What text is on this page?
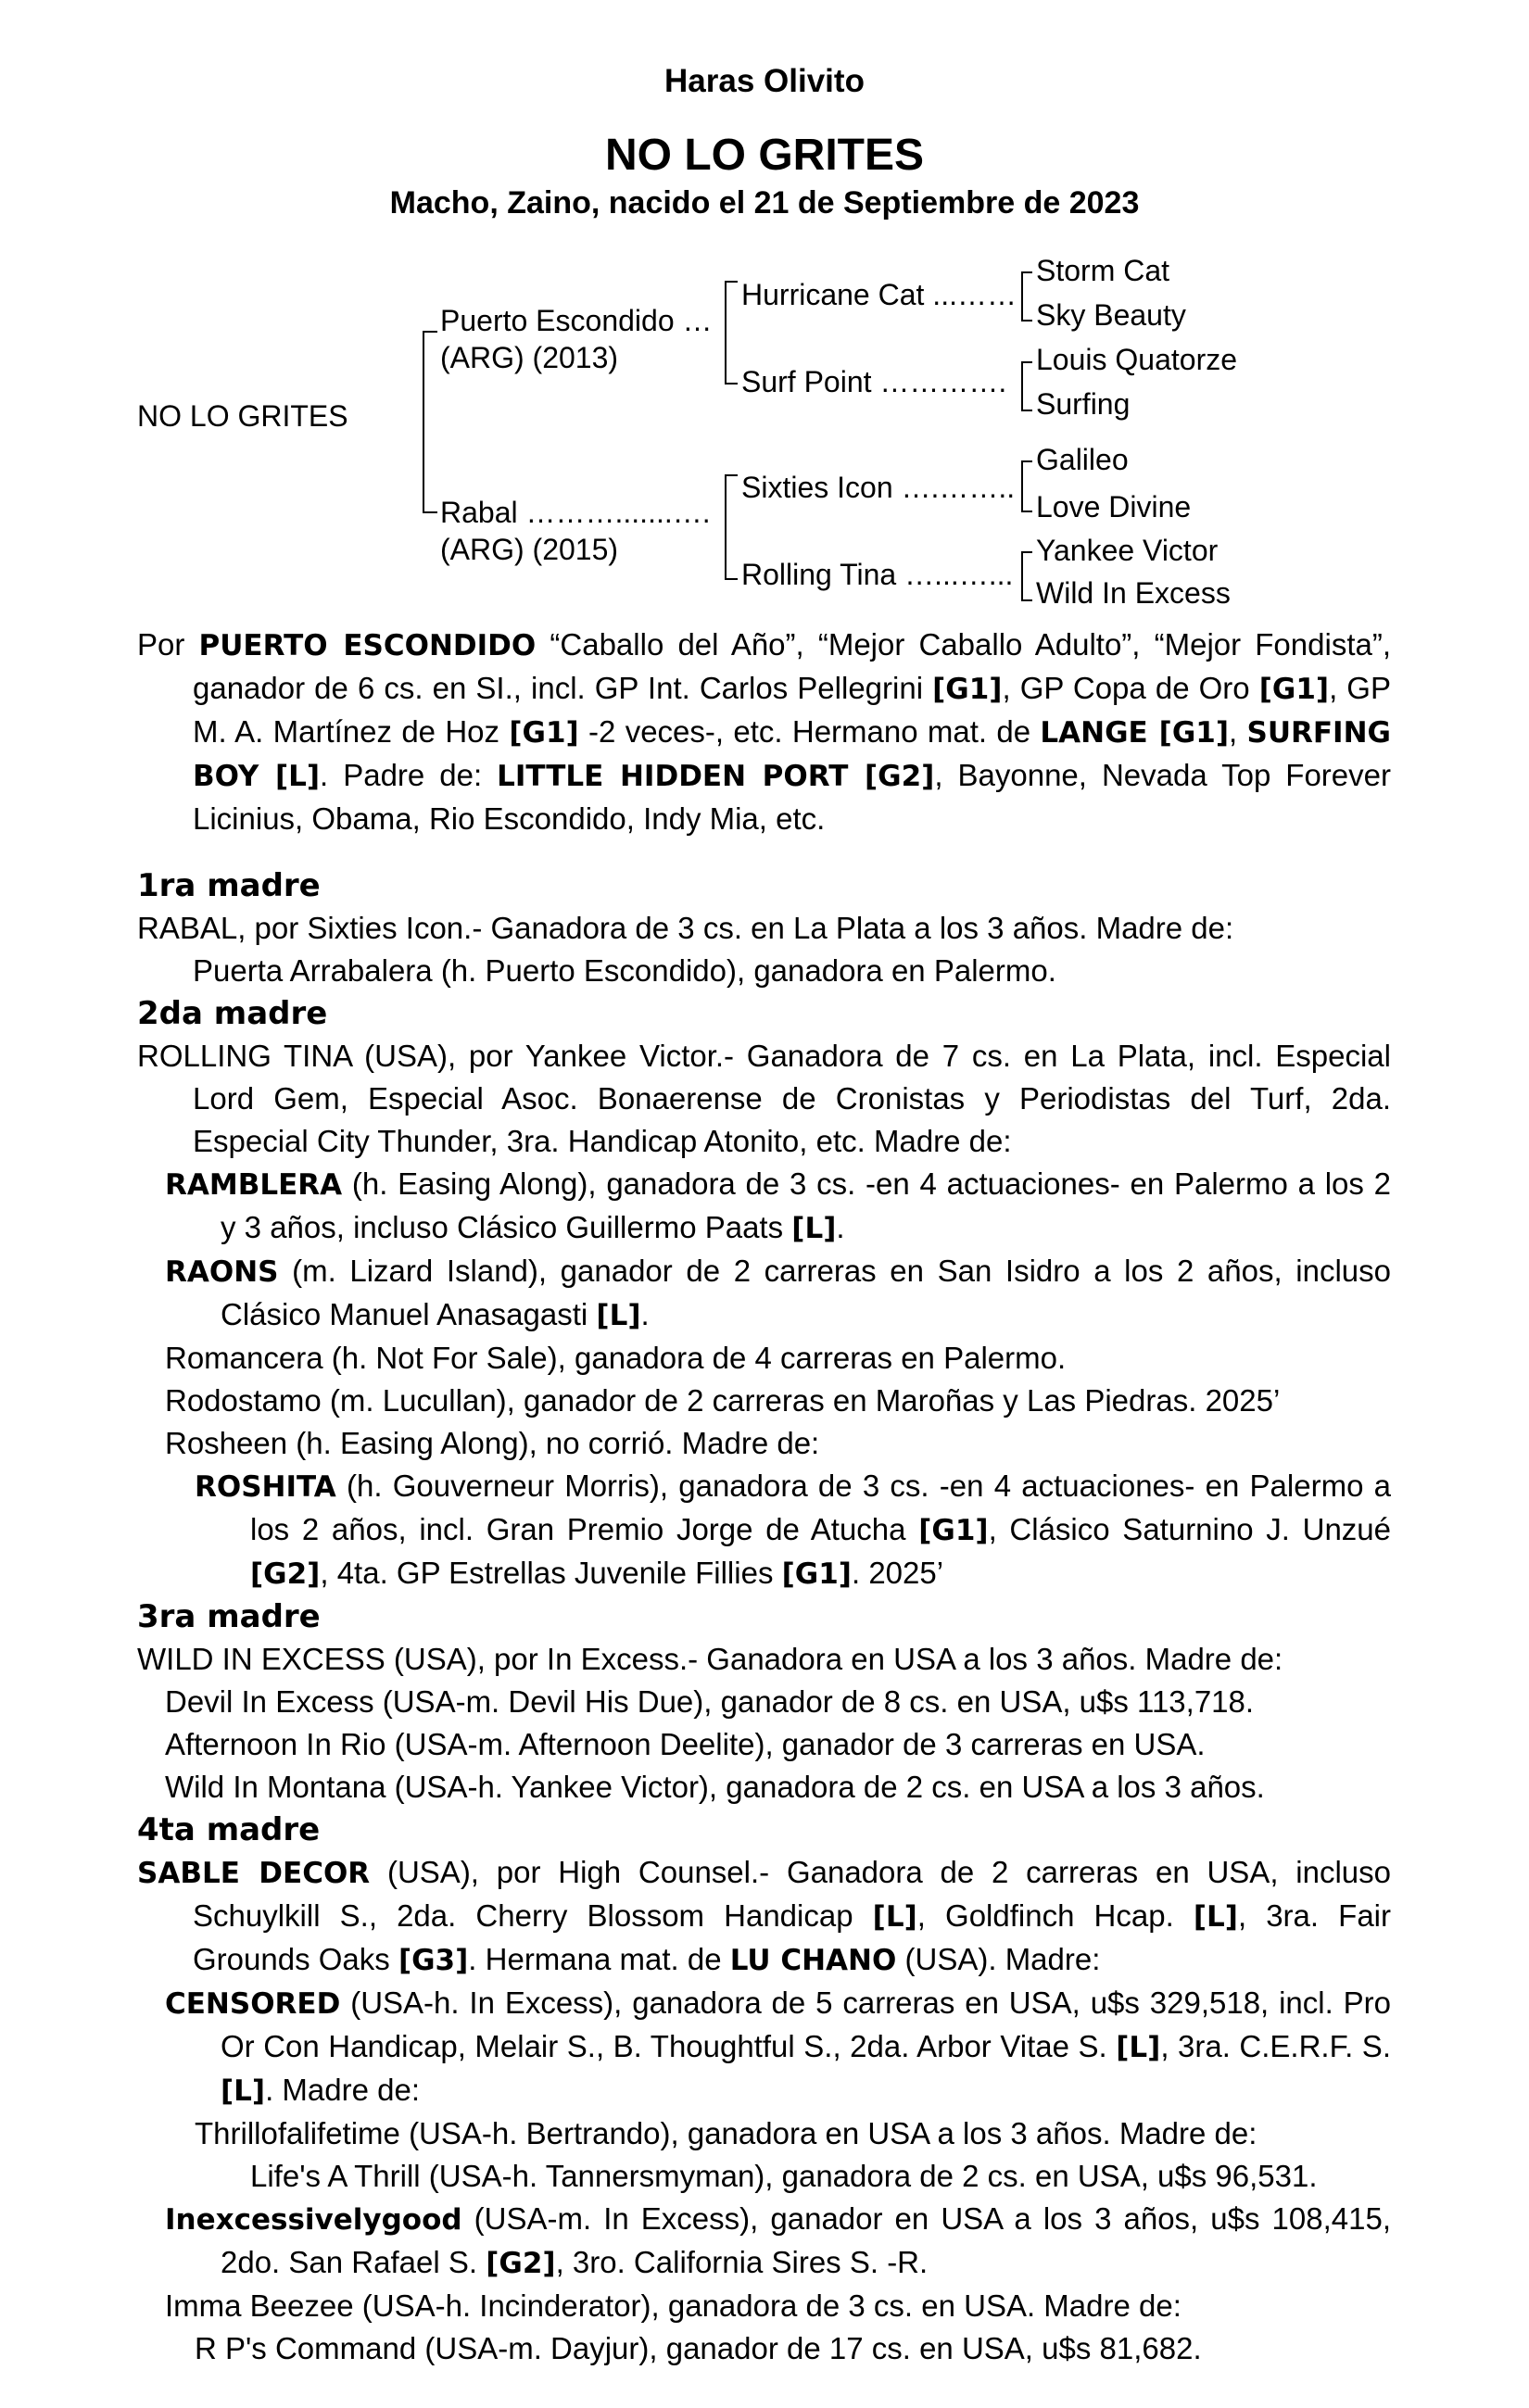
Haras Olivito
NO LO GRITES
Macho, Zaino, nacido el 21 de Septiembre de 2023
NO LO GRITES
Puerto Escondido …
(ARG) (2013)
Rabal ……….......….
(ARG) (2015)
Hurricane Cat ...……
Surf Point ………….
Sixties Icon ….……..
Rolling Tina …...…...
Storm Cat
Sky Beauty
Louis Quatorze
Surfing
Galileo
Love Divine
Yankee Victor
Wild In Excess
Por PUERTO ESCONDIDO “Caballo del Año”, “Mejor Caballo Adulto”, “Mejor Fondista”, ganador de 6 cs. en SI., incl. GP Int. Carlos Pellegrini [G1], GP Copa de Oro [G1], GP M. A. Martínez de Hoz [G1] -2 veces-, etc. Hermano mat. de LANGE [G1], SURFING BOY [L]. Padre de: LITTLE HIDDEN PORT [G2], Bayonne, Nevada Top Forever Licinius, Obama, Rio Escondido, Indy Mia, etc.
1ra madre
RABAL, por Sixties Icon.- Ganadora de 3 cs. en La Plata a los 3 años. Madre de:
Puerta Arrabalera (h. Puerto Escondido), ganadora en Palermo.
2da madre
ROLLING TINA (USA), por Yankee Victor.- Ganadora de 7 cs. en La Plata, incl. Especial Lord Gem, Especial Asoc. Bonaerense de Cronistas y Periodistas del Turf, 2da. Especial City Thunder, 3ra. Handicap Atonito, etc. Madre de:
RAMBLERA (h. Easing Along), ganadora de 3 cs. -en 4 actuaciones- en Palermo a los 2 y 3 años, incluso Clásico Guillermo Paats [L].
RAONS (m. Lizard Island), ganador de 2 carreras en San Isidro a los 2 años, incluso Clásico Manuel Anasagasti [L].
Romancera (h. Not For Sale), ganadora de 4 carreras en Palermo.
Rodostamo (m. Lucullan), ganador de 2 carreras en Maroñas y Las Piedras. 2025’
Rosheen (h. Easing Along), no corrió. Madre de:
ROSHITA (h. Gouverneur Morris), ganadora de 3 cs. -en 4 actuaciones- en Palermo a los 2 años, incl. Gran Premio Jorge de Atucha [G1], Clásico Saturnino J. Unzué [G2], 4ta. GP Estrellas Juvenile Fillies [G1]. 2025’
3ra madre
WILD IN EXCESS (USA), por In Excess.- Ganadora en USA a los 3 años. Madre de:
Devil In Excess (USA-m. Devil His Due), ganador de 8 cs. en USA, u$s 113,718.
Afternoon In Rio (USA-m. Afternoon Deelite), ganador de 3 carreras en USA.
Wild In Montana (USA-h. Yankee Victor), ganadora de 2 cs. en USA a los 3 años.
4ta madre
SABLE DECOR (USA), por High Counsel.- Ganadora de 2 carreras en USA, incluso Schuylkill S., 2da. Cherry Blossom Handicap [L], Goldfinch Hcap. [L], 3ra. Fair Grounds Oaks [G3]. Hermana mat. de LU CHANO (USA). Madre:
CENSORED (USA-h. In Excess), ganadora de 5 carreras en USA, u$s 329,518, incl. Pro Or Con Handicap, Melair S., B. Thoughtful S., 2da. Arbor Vitae S. [L], 3ra. C.E.R.F. S. [L]. Madre de:
Thrillofalifetime (USA-h. Bertrando), ganadora en USA a los 3 años. Madre de:
Life's A Thrill (USA-h. Tannersmyman), ganadora de 2 cs. en USA, u$s 96,531.
Inexcessivelygood (USA-m. In Excess), ganador en USA a los 3 años, u$s 108,415, 2do. San Rafael S. [G2], 3ro. California Sires S. -R.
Imma Beezee (USA-h. Incinderator), ganadora de 3 cs. en USA. Madre de:
R P's Command (USA-m. Dayjur), ganador de 17 cs. en USA, u$s 81,682.
